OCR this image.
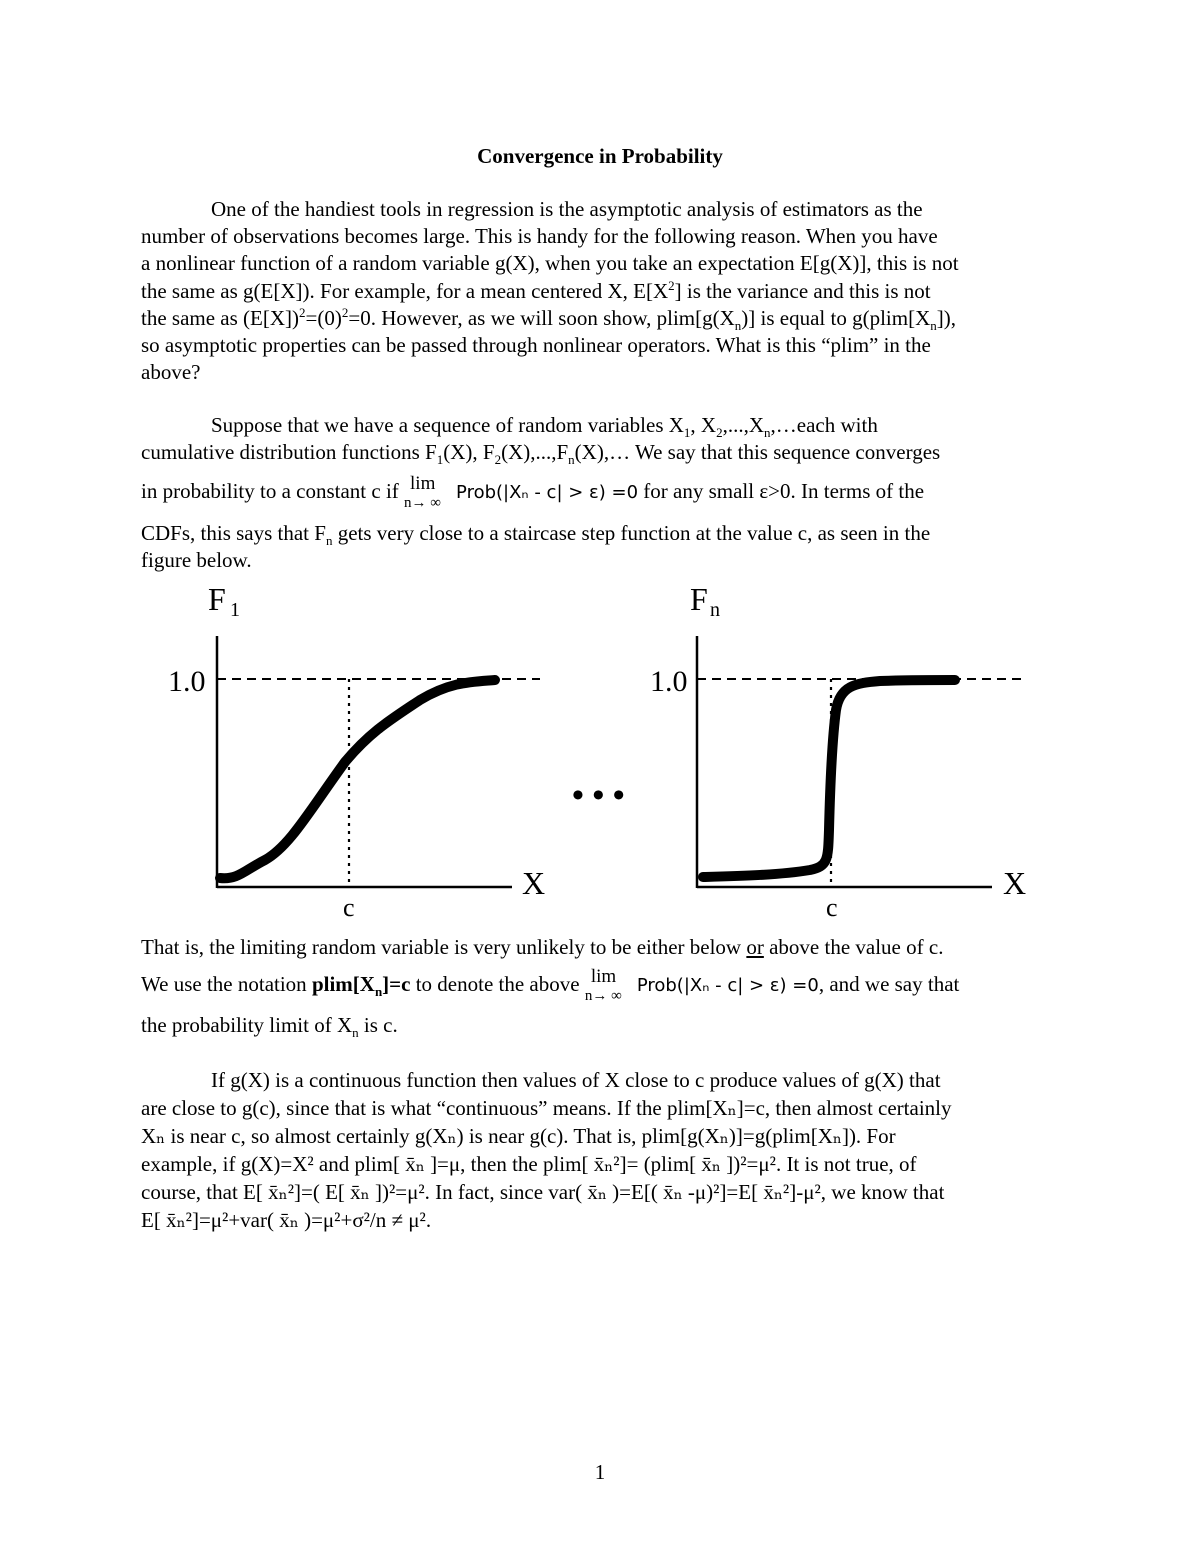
Convergence in Probability
One of the handiest tools in regression is the asymptotic analysis of estimators as the
number of observations becomes large. This is handy for the following reason. When you have
a nonlinear function of a random variable g(X), when you take an expectation E[g(X)], this is not
the same as g(E[X]). For example, for a mean centered X, $E[X^2]$ is the variance and this is not
the same as $(E[X])^2=(0)^2=0$. However, as we will soon show, $plim[g(X_n)]$ is equal to $g(plim[X_n])$,
so asymptotic properties can be passed through nonlinear operators. What is this “plim” in the
above?
Suppose that we have a sequence of random variables $X_1$, $X_2,...,X_n,\dots each$ with
cumulative distribution functions $F_1(X)$, $F_2(X),...,F_n(X),\dots$ We say that this sequence converges
in probability to a constant c if lim
n→ ∞ Prob(|Xₙ - c| > ε) =0 for any small ε>0. In terms of the
CDFs, this says that $F_n$ gets very close to a staircase step function at the value c, as seen in the
figure below.
F 1
1.0
X
c
• • •
F n
1.0
X
c
That is, the limiting random variable is very unlikely to be either below or above the value of c.
We use the notation $plim[X_n]=c$ to denote the above lim
n→ ∞ Prob(|Xₙ - c| > ε) =0, and we say that
the probability limit of $X_n$ is c.
If g(X) is a continuous function then values of X close to c produce values of g(X) that
are close to g(c), since that is what “continuous” means. If the plim[Xₙ]=c, then almost certainly
Xₙ is near c, so almost certainly g(Xₙ) is near g(c). That is, plim[g(Xₙ)]=g(plim[Xₙ]). For
example, if g(X)=X² and plim[ x̄ₙ ]=μ, then the plim[ x̄ₙ²]= (plim[ x̄ₙ ])²=μ². It is not true, of
course, that E[ x̄ₙ²]=( E[ x̄ₙ ])²=μ². In fact, since var( x̄ₙ )=E[( x̄ₙ -μ)²]=E[ x̄ₙ²]-μ², we know that
E[ x̄ₙ²]=μ²+var( x̄ₙ )=μ²+σ²/n ≠ μ².
1
